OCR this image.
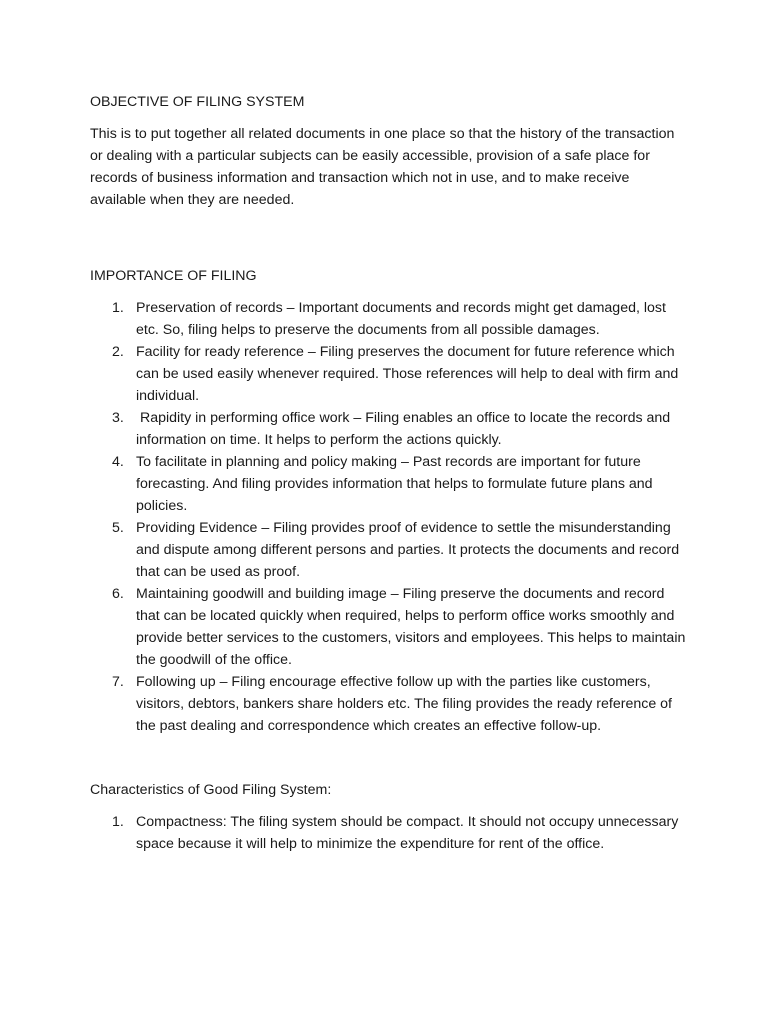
OBJECTIVE OF FILING SYSTEM

This is to put together all related documents in one place so that the history of the transaction or dealing with a particular subjects can be easily accessible, provision of a safe place for records of business information and transaction which not in use, and to make receive available when they are needed.

IMPORTANCE OF FILING
1. Preservation of records – Important documents and records might get damaged, lost etc. So, filing helps to preserve the documents from all possible damages.
2. Facility for ready reference – Filing preserves the document for future reference which can be used easily whenever required. Those references will help to deal with firm and individual.
3. Rapidity in performing office work – Filing enables an office to locate the records and information on time. It helps to perform the actions quickly.
4. To facilitate in planning and policy making – Past records are important for future forecasting. And filing provides information that helps to formulate future plans and policies.
5. Providing Evidence – Filing provides proof of evidence to settle the misunderstanding and dispute among different persons and parties. It protects the documents and record that can be used as proof.
6. Maintaining goodwill and building image – Filing preserve the documents and record that can be located quickly when required, helps to perform office works smoothly and provide better services to the customers, visitors and employees. This helps to maintain the goodwill of the office.
7. Following up – Filing encourage effective follow up with the parties like customers, visitors, debtors, bankers share holders etc. The filing provides the ready reference of the past dealing and correspondence which creates an effective follow-up.
Characteristics of Good Filing System:
1. Compactness: The filing system should be compact. It should not occupy unnecessary space because it will help to minimize the expenditure for rent of the office.
